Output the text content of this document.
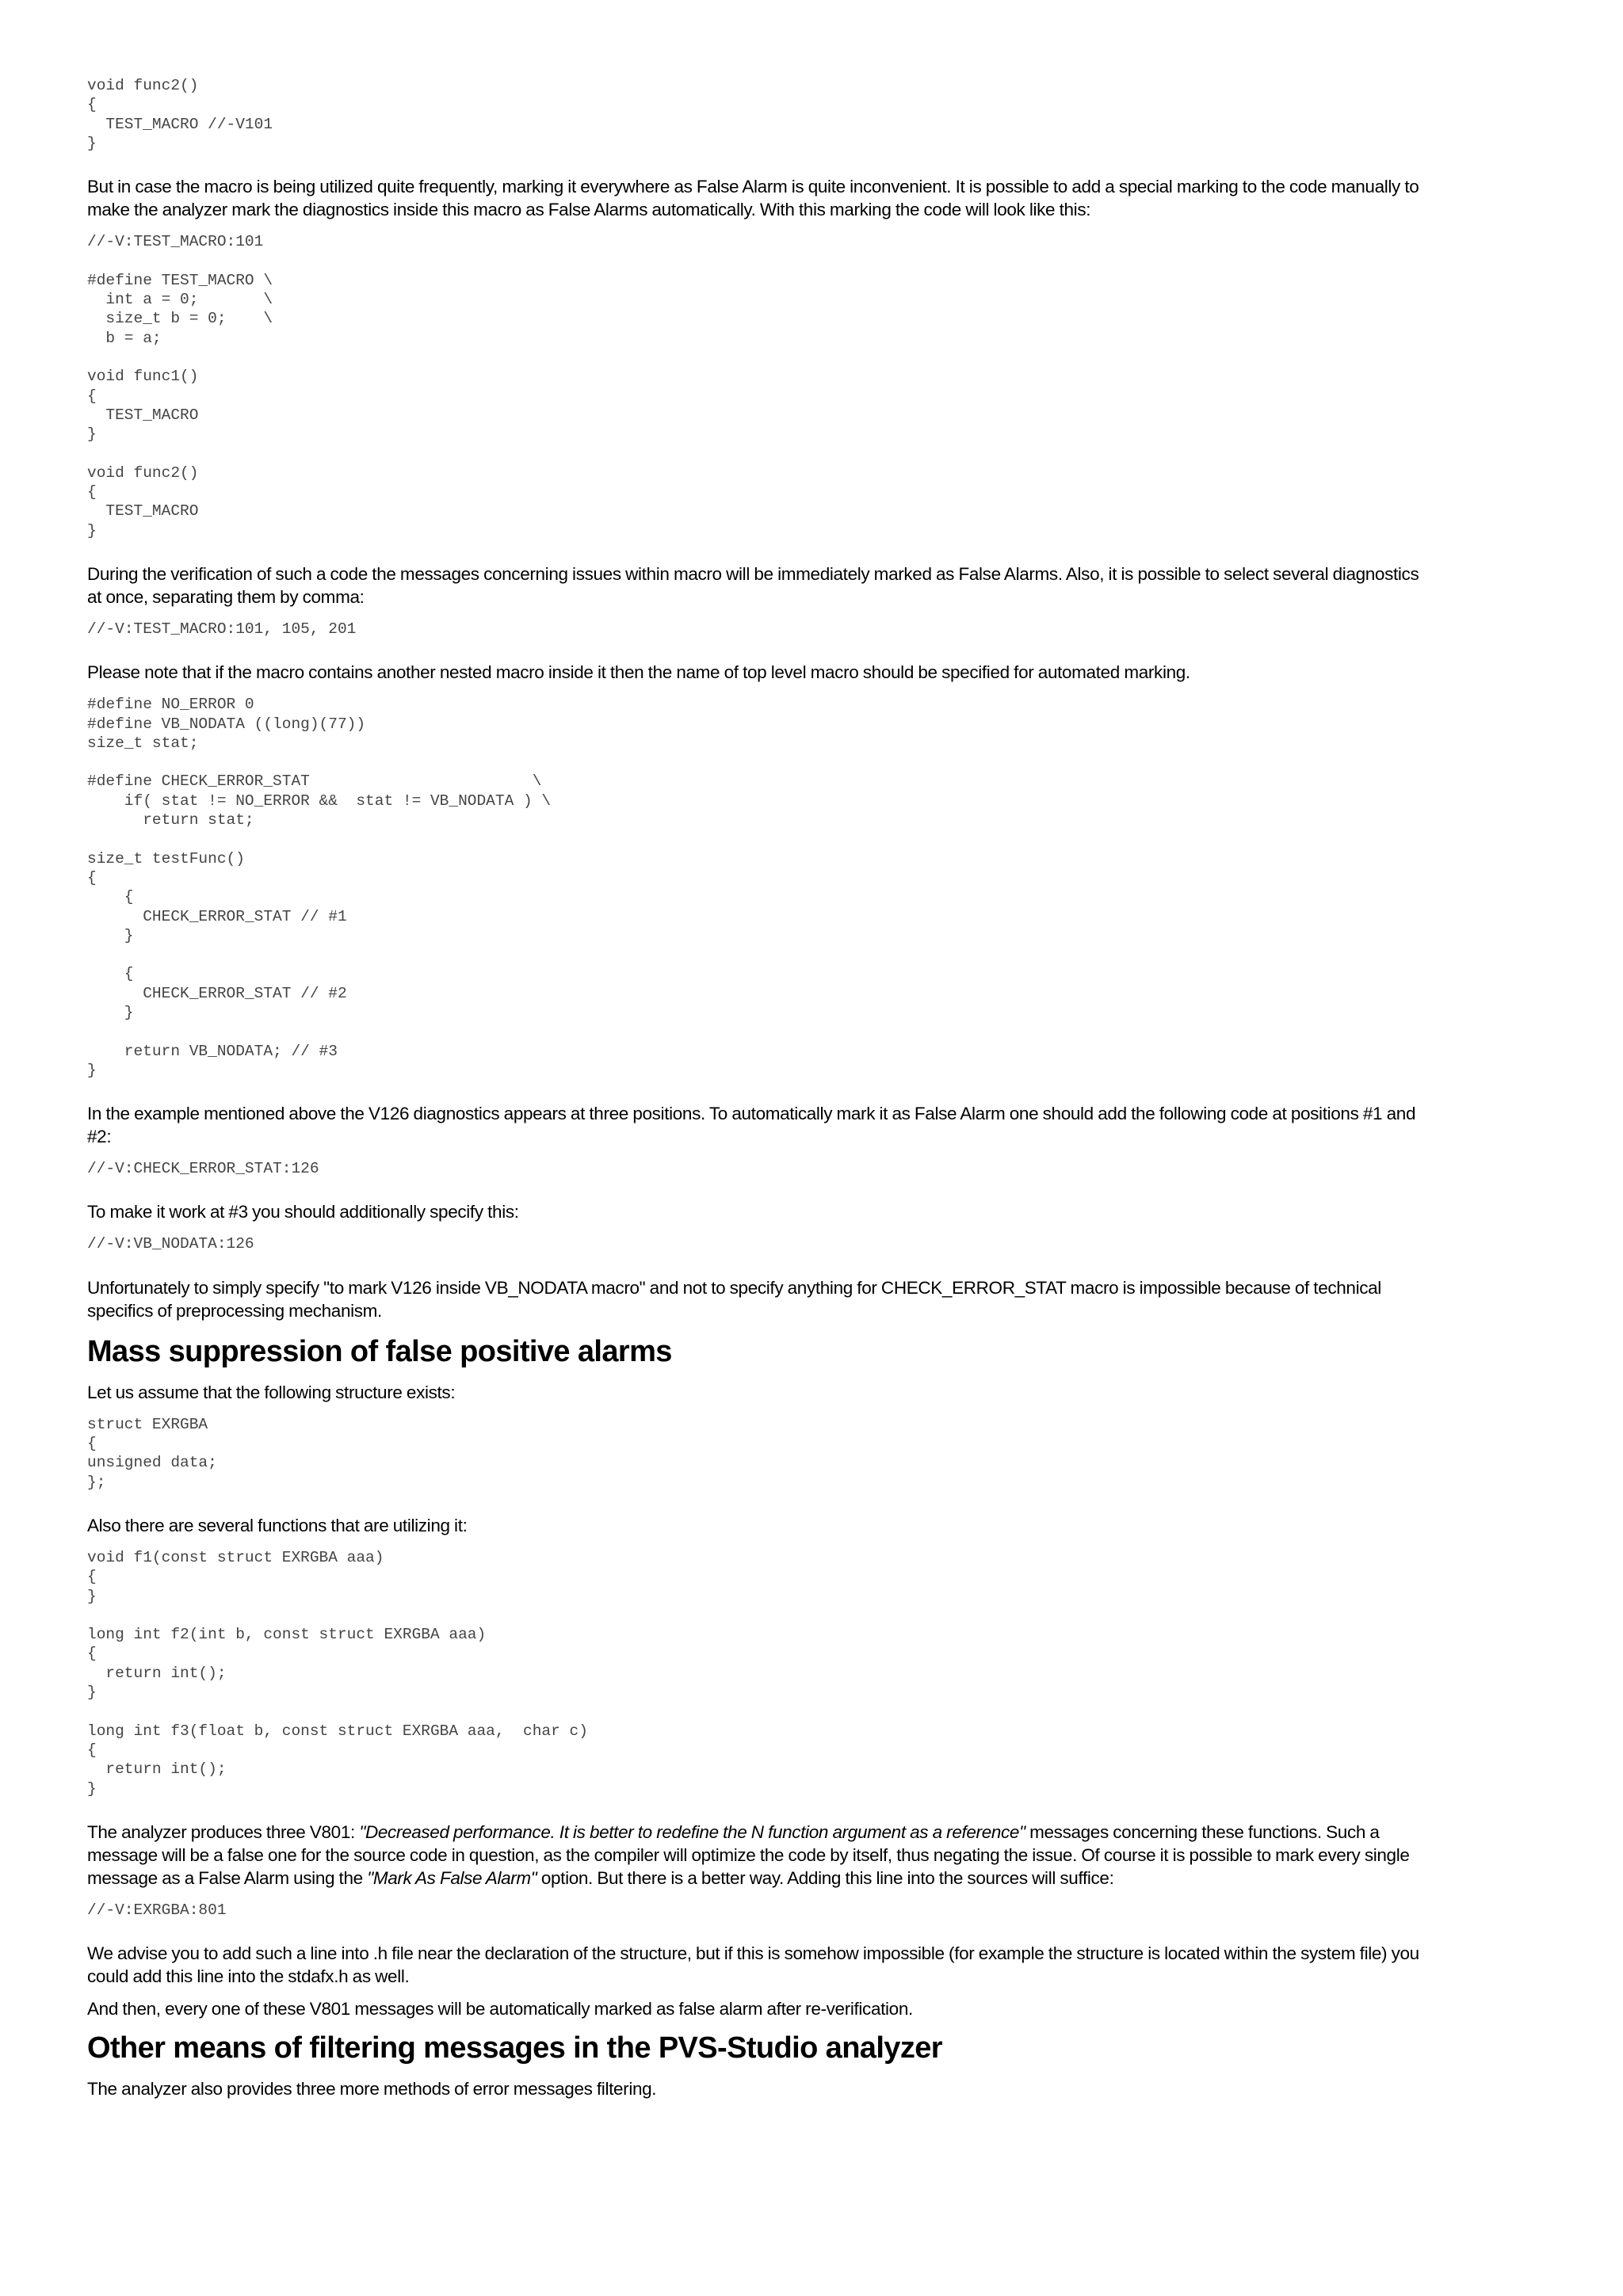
void func2()
{
TEST_MACRO //-V101
}

But in case the macro is being utilized quite frequently, marking it everywhere as False Alarm is quite inconvenient. It is possible to add a special marking to the code manually to make the analyzer mark the diagnostics inside this macro as False Alarms automatically. With this marking the code will look like this:

//-V:TEST_MACRO:101

#define TEST_MACRO \
int a = 0;       \
size_t b = 0;    \
b = a;

void func1()
{
TEST_MACRO
}

void func2()
{
TEST_MACRO
}

During the verification of such a code the messages concerning issues within macro will be immediately marked as False Alarms. Also, it is possible to select several diagnostics at once, separating them by comma:

//-V:TEST_MACRO:101, 105, 201

Please note that if the macro contains another nested macro inside it then the name of top level macro should be specified for automated marking.

#define NO_ERROR 0
#define VB_NODATA ((long)(77))
size_t stat;

#define CHECK_ERROR_STAT                        \
if( stat != NO_ERROR &&  stat != VB_NODATA ) \
return stat;

size_t testFunc()
{
{
CHECK_ERROR_STAT // #1
}

{
CHECK_ERROR_STAT // #2
}

return VB_NODATA; // #3
}

In the example mentioned above the V126 diagnostics appears at three positions. To automatically mark it as False Alarm one should add the following code at positions #1 and #2:

//-V:CHECK_ERROR_STAT:126

To make it work at #3 you should additionally specify this:

//-V:VB_NODATA:126

Unfortunately to simply specify "to mark V126 inside VB_NODATA macro" and not to specify anything for CHECK_ERROR_STAT macro is impossible because of technical specifics of preprocessing mechanism.

Mass suppression of false positive alarms

Let us assume that the following structure exists:

struct EXRGBA
{
unsigned data;
};

Also there are several functions that are utilizing it:

void f1(const struct EXRGBA aaa)
{
}

long int f2(int b, const struct EXRGBA aaa)
{
return int();
}

long int f3(float b, const struct EXRGBA aaa,  char c)
{
return int();
}

The analyzer produces three V801: "Decreased performance. It is better to redefine the N function argument as a reference" messages concerning these functions. Such a message will be a false one for the source code in question, as the compiler will optimize the code by itself, thus negating the issue. Of course it is possible to mark every single message as a False Alarm using the "Mark As False Alarm" option. But there is a better way. Adding this line into the sources will suffice:

//-V:EXRGBA:801

We advise you to add such a line into .h file near the declaration of the structure, but if this is somehow impossible (for example the structure is located within the system file) you could add this line into the stdafx.h as well.

And then, every one of these V801 messages will be automatically marked as false alarm after re-verification.

Other means of filtering messages in the PVS-Studio analyzer

The analyzer also provides three more methods of error messages filtering.
